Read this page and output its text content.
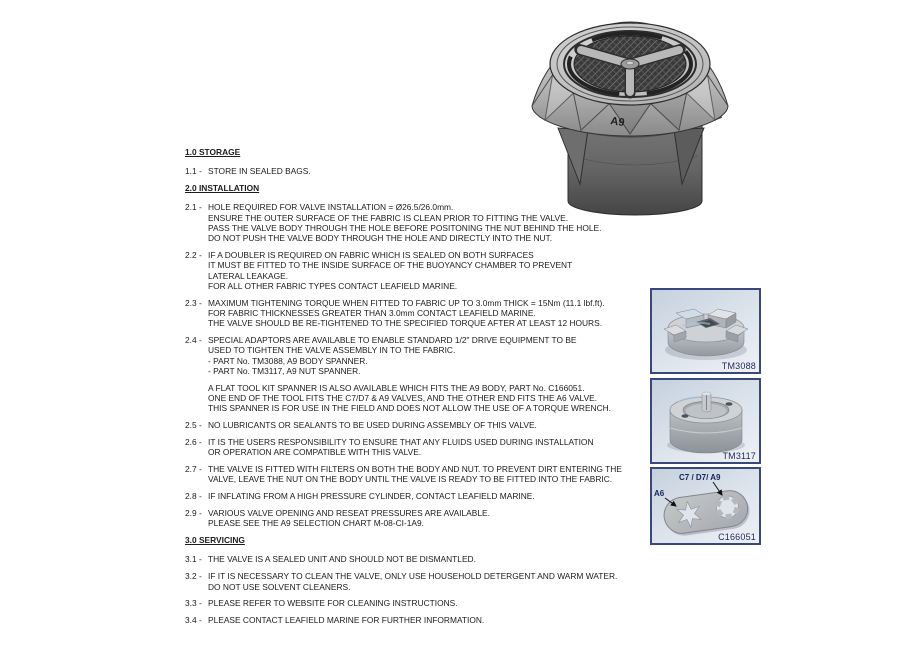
A9
1.0 STORAGE
1.1 - STORE IN SEALED BAGS.
2.0 INSTALLATION
2.1 - HOLE REQUIRED FOR VALVE INSTALLATION = Ø26.5/26.0mm.
ENSURE THE OUTER SURFACE OF THE FABRIC IS CLEAN PRIOR TO FITTING THE VALVE.
PASS THE VALVE BODY THROUGH THE HOLE BEFORE POSITONING THE NUT BEHIND THE HOLE.
DO NOT PUSH THE VALVE BODY THROUGH THE HOLE AND DIRECTLY INTO THE NUT.
2.2 - IF A DOUBLER IS REQUIRED ON FABRIC WHICH IS SEALED ON BOTH SURFACES
IT MUST BE FITTED TO THE INSIDE SURFACE OF THE BUOYANCY CHAMBER TO PREVENT
LATERAL LEAKAGE.
FOR ALL OTHER FABRIC TYPES CONTACT LEAFIELD MARINE.
2.3 - MAXIMUM TIGHTENING TORQUE WHEN FITTED TO FABRIC UP TO 3.0mm THICK = 15Nm (11.1 lbf.ft).
FOR FABRIC THICKNESSES GREATER THAN 3.0mm CONTACT LEAFIELD MARINE.
THE VALVE SHOULD BE RE-TIGHTENED TO THE SPECIFIED TORQUE AFTER AT LEAST 12 HOURS.
2.4 - SPECIAL ADAPTORS ARE AVAILABLE TO ENABLE STANDARD 1/2" DRIVE EQUIPMENT TO BE
USED TO TIGHTEN THE VALVE ASSEMBLY IN TO THE FABRIC.
- PART No. TM3088, A9 BODY SPANNER.
- PART No. TM3117, A9 NUT SPANNER.
A FLAT TOOL KIT SPANNER IS ALSO AVAILABLE WHICH FITS THE A9 BODY, PART No. C166051.
ONE END OF THE TOOL FITS THE C7/D7 & A9 VALVES, AND THE OTHER END FITS THE A6 VALVE.
THIS SPANNER IS FOR USE IN THE FIELD AND DOES NOT ALLOW THE USE OF A TORQUE WRENCH.
2.5 - NO LUBRICANTS OR SEALANTS TO BE USED DURING ASSEMBLY OF THIS VALVE.
2.6 - IT IS THE USERS RESPONSIBILITY TO ENSURE THAT ANY FLUIDS USED DURING INSTALLATION
OR OPERATION ARE COMPATIBLE WITH THIS VALVE.
2.7 - THE VALVE IS FITTED WITH FILTERS ON BOTH THE BODY AND NUT. TO PREVENT DIRT ENTERING THE
VALVE, LEAVE THE NUT ON THE BODY UNTIL THE VALVE IS READY TO BE FITTED INTO THE FABRIC.
2.8 - IF INFLATING FROM A HIGH PRESSURE CYLINDER, CONTACT LEAFIELD MARINE.
2.9 - VARIOUS VALVE OPENING AND RESEAT PRESSURES ARE AVAILABLE.
PLEASE SEE THE A9 SELECTION CHART M-08-CI-1A9.
3.0 SERVICING
3.1 - THE VALVE IS A SEALED UNIT AND SHOULD NOT BE DISMANTLED.
3.2 - IF IT IS NECESSARY TO CLEAN THE VALVE, ONLY USE HOUSEHOLD DETERGENT AND WARM WATER.
DO NOT USE SOLVENT CLEANERS.
3.3 - PLEASE REFER TO WEBSITE FOR CLEANING INSTRUCTIONS.
3.4 - PLEASE CONTACT LEAFIELD MARINE FOR FURTHER INFORMATION.
TM3088
TM3117
C7 / D7/ A9
A6
C166051
